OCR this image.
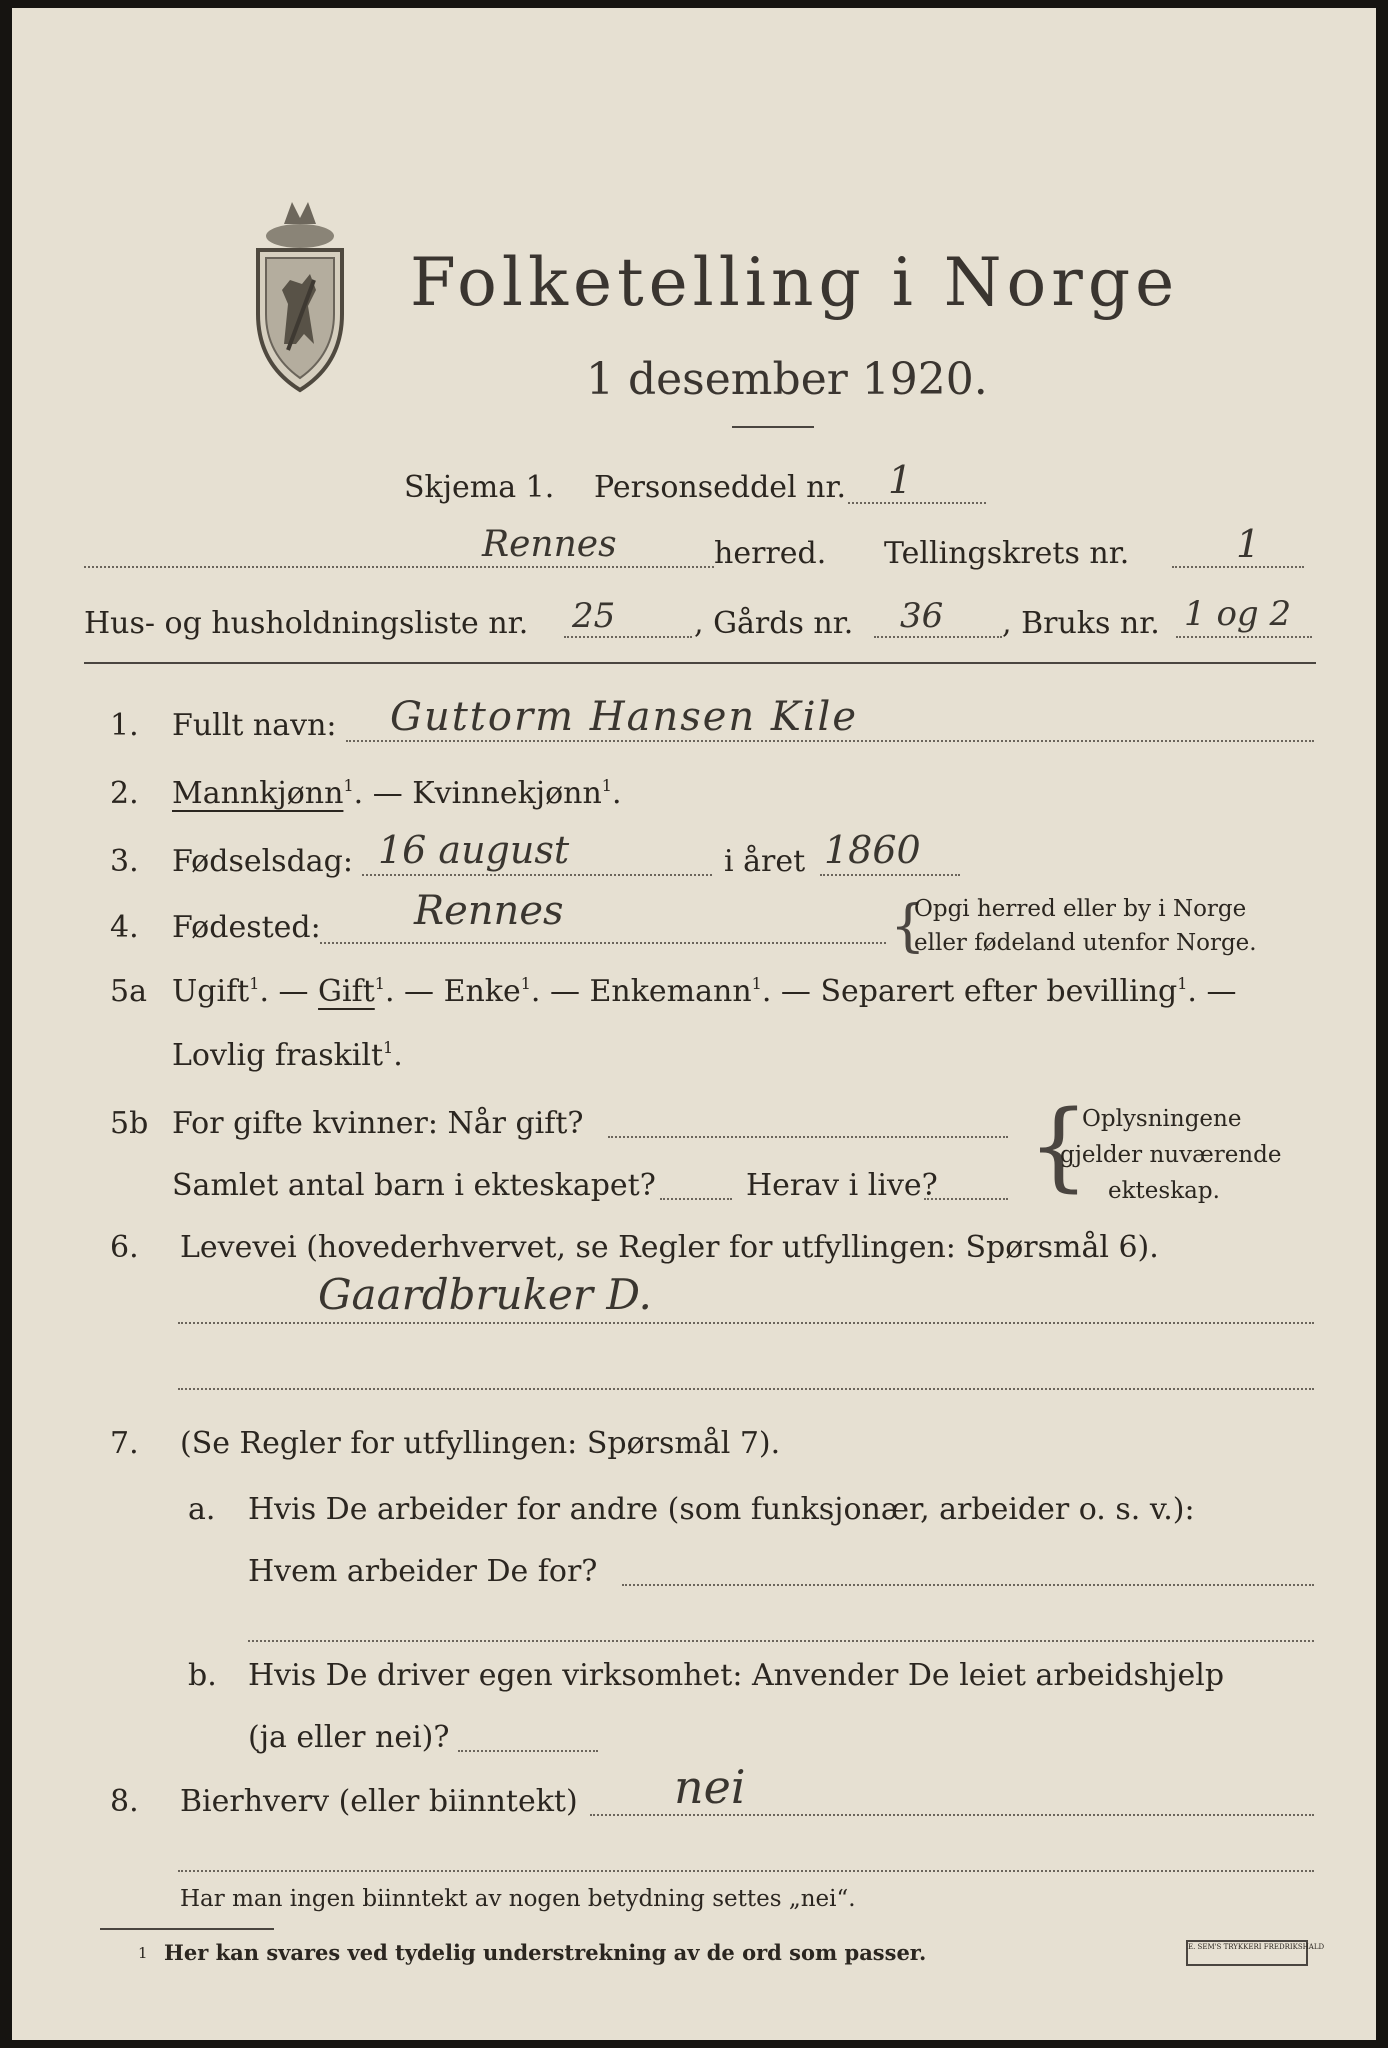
Folketelling i Norge
1 desember 1920.
Skjema 1. Personseddel nr. 1
Rennes	herred. Tellingskrets nr.	1
Hus- og husholdningsliste nr. 25	, Gårds nr. 36 , Bruks nr. 1 og 2
1. Fullt navn: Guttorm Hansen Kile
2. Mannkjønn$^1$. — Kvinnekjønn$^1$.
3. Fødselsdag: 16 august	i året 1860
4. Fødested: Rennes	{
Opgi herred eller by i Norge
eller fødeland utenfor Norge.
5a Ugift$^1$. — Gift$^1$. — Enke$^1$. — Enkemann$^1$. — Separert efter bevilling$^1$. —
Lovlig fraskilt$^1$.
5b For gifte kvinner: Når gift?
Samlet antal barn i ekteskapet?	Herav i live? {
Oplysningene
gjelder nuværende
ekteskap.
6. Levevei (hovederhvervet, se Regler for utfyllingen: Spørsmål 6).
Gaardbruker D.
7. (Se Regler for utfyllingen: Spørsmål 7).
a. Hvis De arbeider for andre (som funksjonær, arbeider o. s. v.):
Hvem arbeider De for?
b. Hvis De driver egen virksomhet: Anvender De leiet arbeidshjelp
(ja eller nei)?
8. Bierhverv (eller biinntekt) nei
Har man ingen biinntekt av nogen betydning settes „nei“.
1 Her kan svares ved tydelig understrekning av de ord som passer.	E. SEM'S TRYKKERI FREDRIKSHALD
